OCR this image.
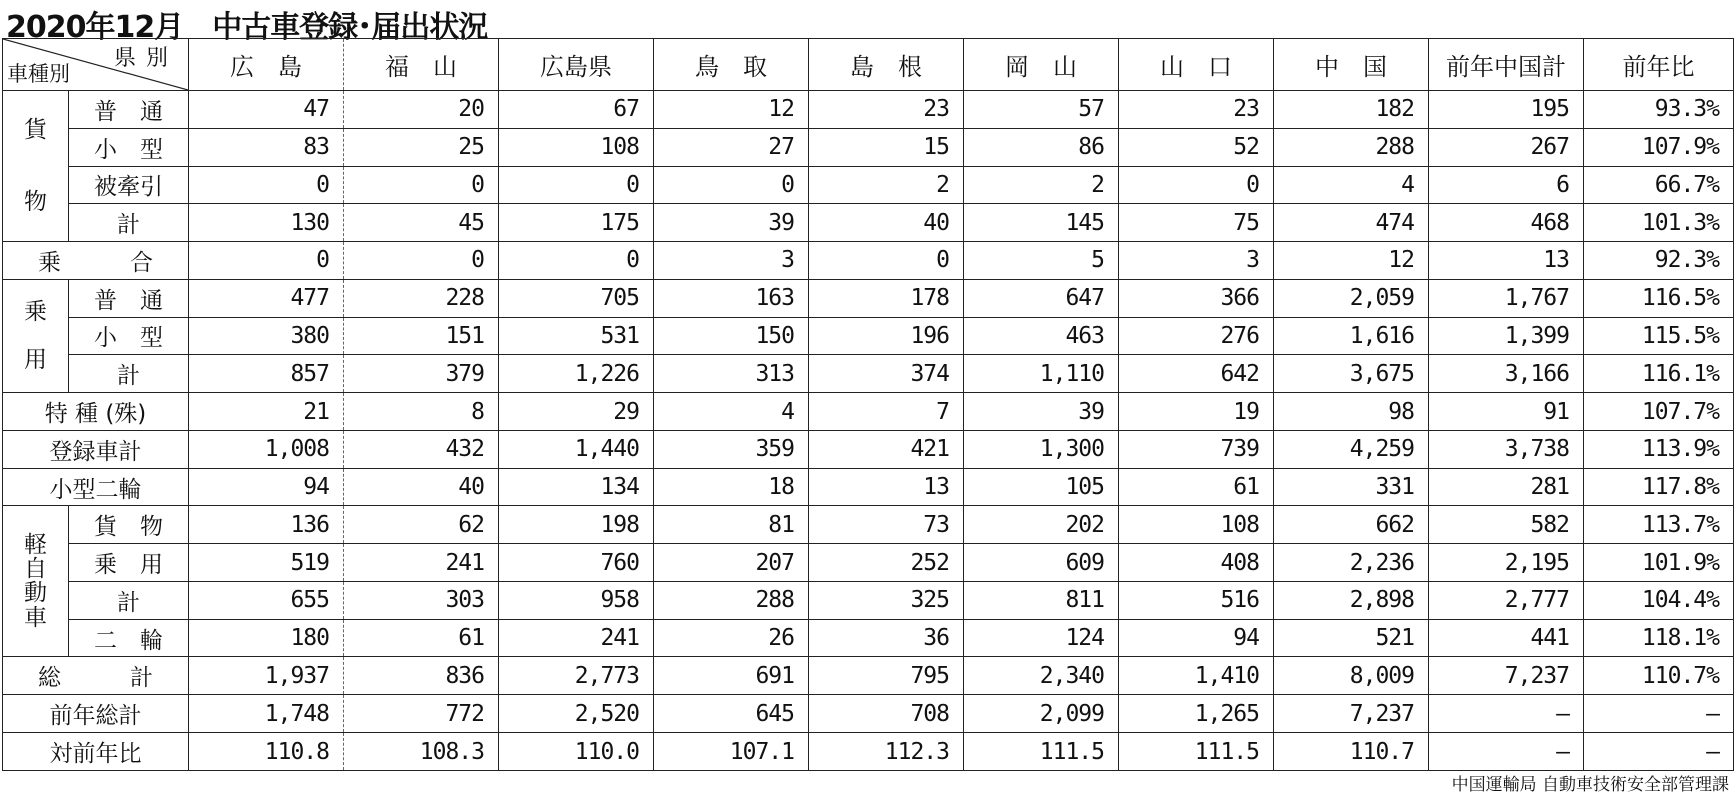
2020年12月　中古車登録･届出状況
県別
車種別		広　島	福　山	広島県	鳥　取	島　根	岡　山	山　口	中　国	前年中国計	前年比
貨

物	普　通	47	20	67	12	23	57	23	182	195	93.3%
	小　型	83	25	108	27	15	86	52	288	267	107.9%
	被牽引	0	0	0	0	2	2	0	4	6	66.7%
	計	130	45	175	39	40	145	75	474	468	101.3%
乗　　　合		0	0	0	3	0	5	3	12	13	92.3%
乗

用	普　通	477	228	705	163	178	647	366	2,059	1,767	116.5%
	小　型	380	151	531	150	196	463	276	1,616	1,399	115.5%
	計	857	379	1,226	313	374	1,110	642	3,675	3,166	116.1%
特 種 (殊)		21	8	29	4	7	39	19	98	91	107.7%
登録車計		1,008	432	1,440	359	421	1,300	739	4,259	3,738	113.9%
小型二輪		94	40	134	18	13	105	61	331	281	117.8%
軽
自
動
車	貨　物	136	62	198	81	73	202	108	662	582	113.7%
	乗　用	519	241	760	207	252	609	408	2,236	2,195	101.9%
	計	655	303	958	288	325	811	516	2,898	2,777	104.4%
	二　輪	180	61	241	26	36	124	94	521	441	118.1%
総　　　計		1,937	836	2,773	691	795	2,340	1,410	8,009	7,237	110.7%
前年総計		1,748	772	2,520	645	708	2,099	1,265	7,237	—	—
対前年比		110.8	108.3	110.0	107.1	112.3	111.5	111.5	110.7	—	—
中国運輸局 自動車技術安全部管理課
